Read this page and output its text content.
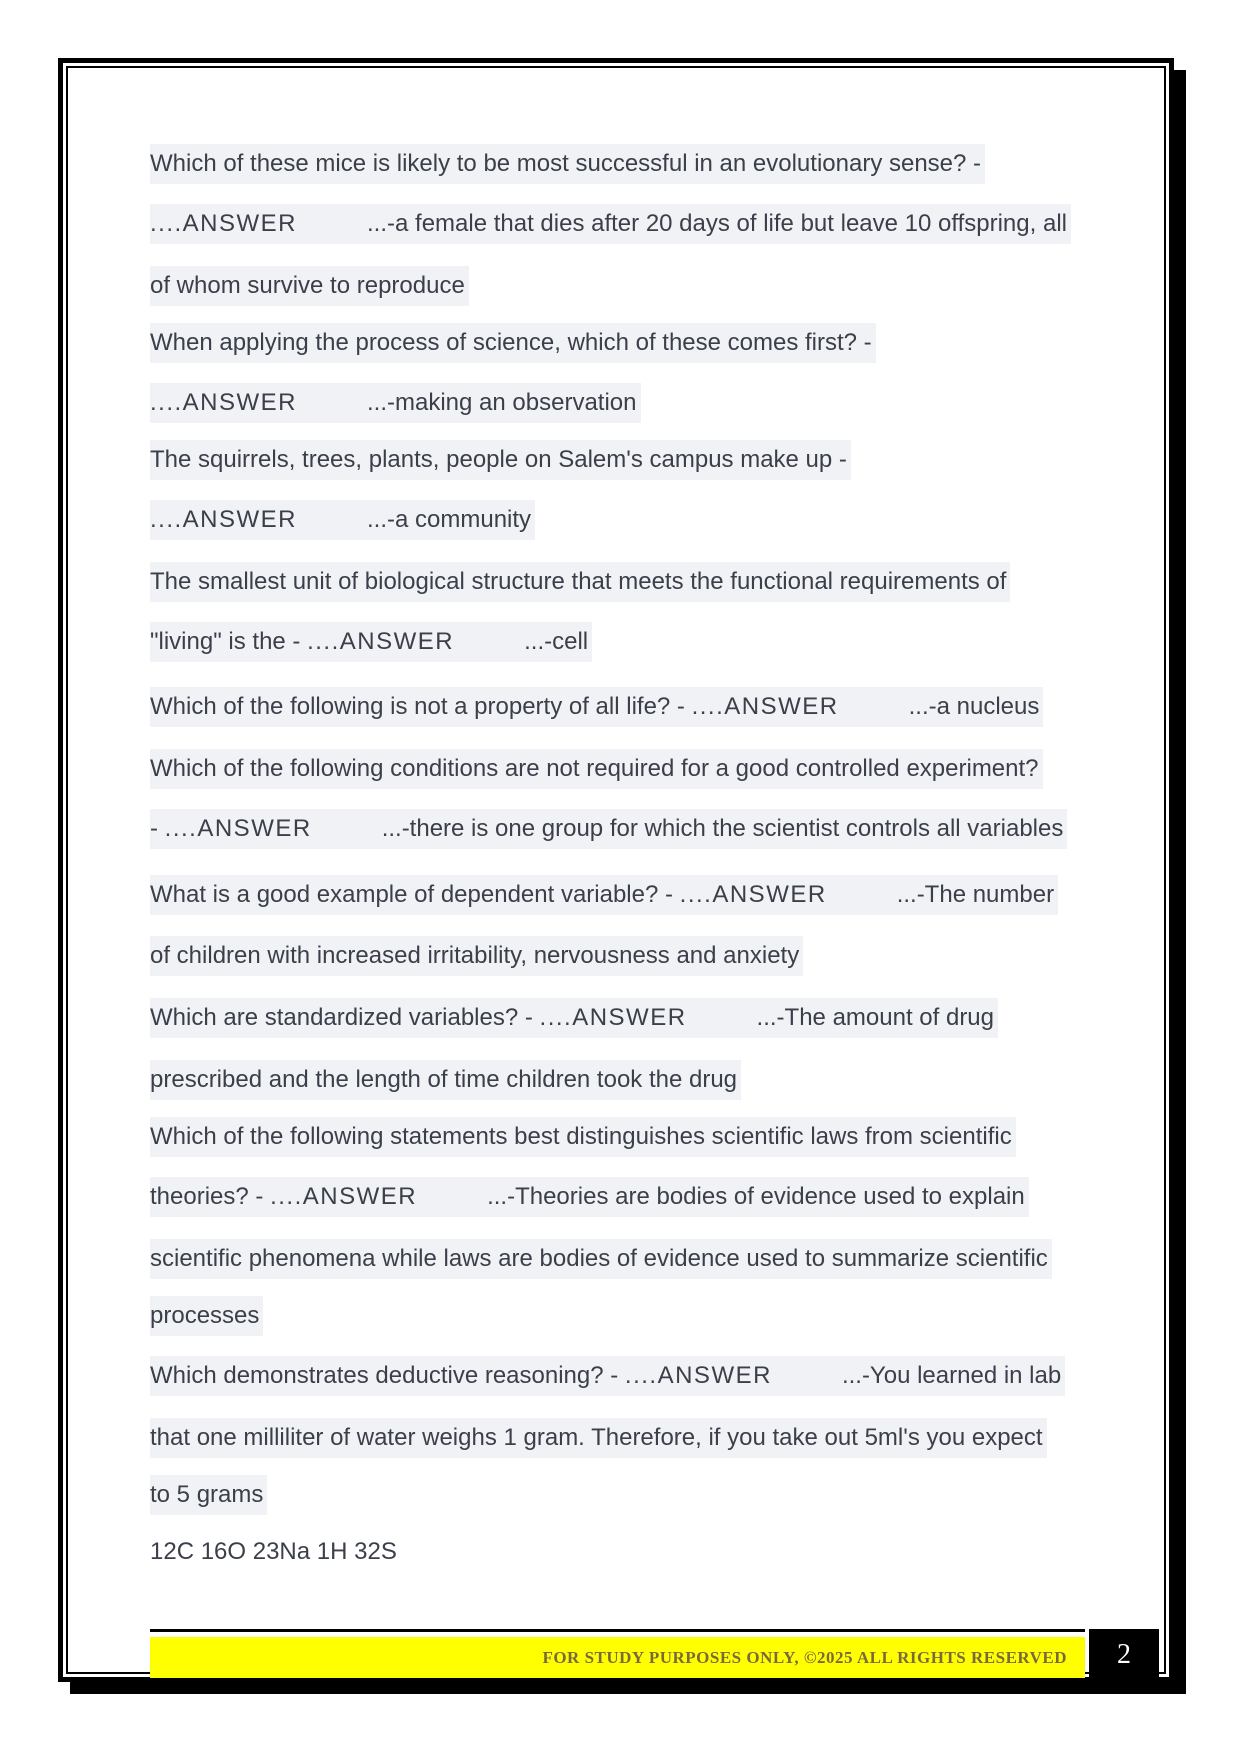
Which of these mice is likely to be most successful in an evolutionary sense? -
....ANSWER	...-a female that dies after 20 days of life but leave 10 offspring, all
of whom survive to reproduce
When applying the process of science, which of these comes first? -
....ANSWER	...-making an observation
The squirrels, trees, plants, people on Salem's campus make up -
....ANSWER	...-a community
The smallest unit of biological structure that meets the functional requirements of
"living" is the - ....ANSWER	...-cell
Which of the following is not a property of all life? - ....ANSWER	...-a nucleus
Which of the following conditions are not required for a good controlled experiment?
- ....ANSWER	...-there is one group for which the scientist controls all variables
What is a good example of dependent variable? - ....ANSWER	...-The number
of children with increased irritability, nervousness and anxiety
Which are standardized variables? - ....ANSWER	...-The amount of drug
prescribed and the length of time children took the drug
Which of the following statements best distinguishes scientific laws from scientific
theories? - ....ANSWER	...-Theories are bodies of evidence used to explain
scientific phenomena while laws are bodies of evidence used to summarize scientific
processes
Which demonstrates deductive reasoning? - ....ANSWER	...-You learned in lab
that one milliliter of water weighs 1 gram. Therefore, if you take out 5ml's you expect
to 5 grams
12C 16O 23Na 1H 32S
FOR STUDY PURPOSES ONLY, ©2025 ALL RIGHTS RESERVED	2
